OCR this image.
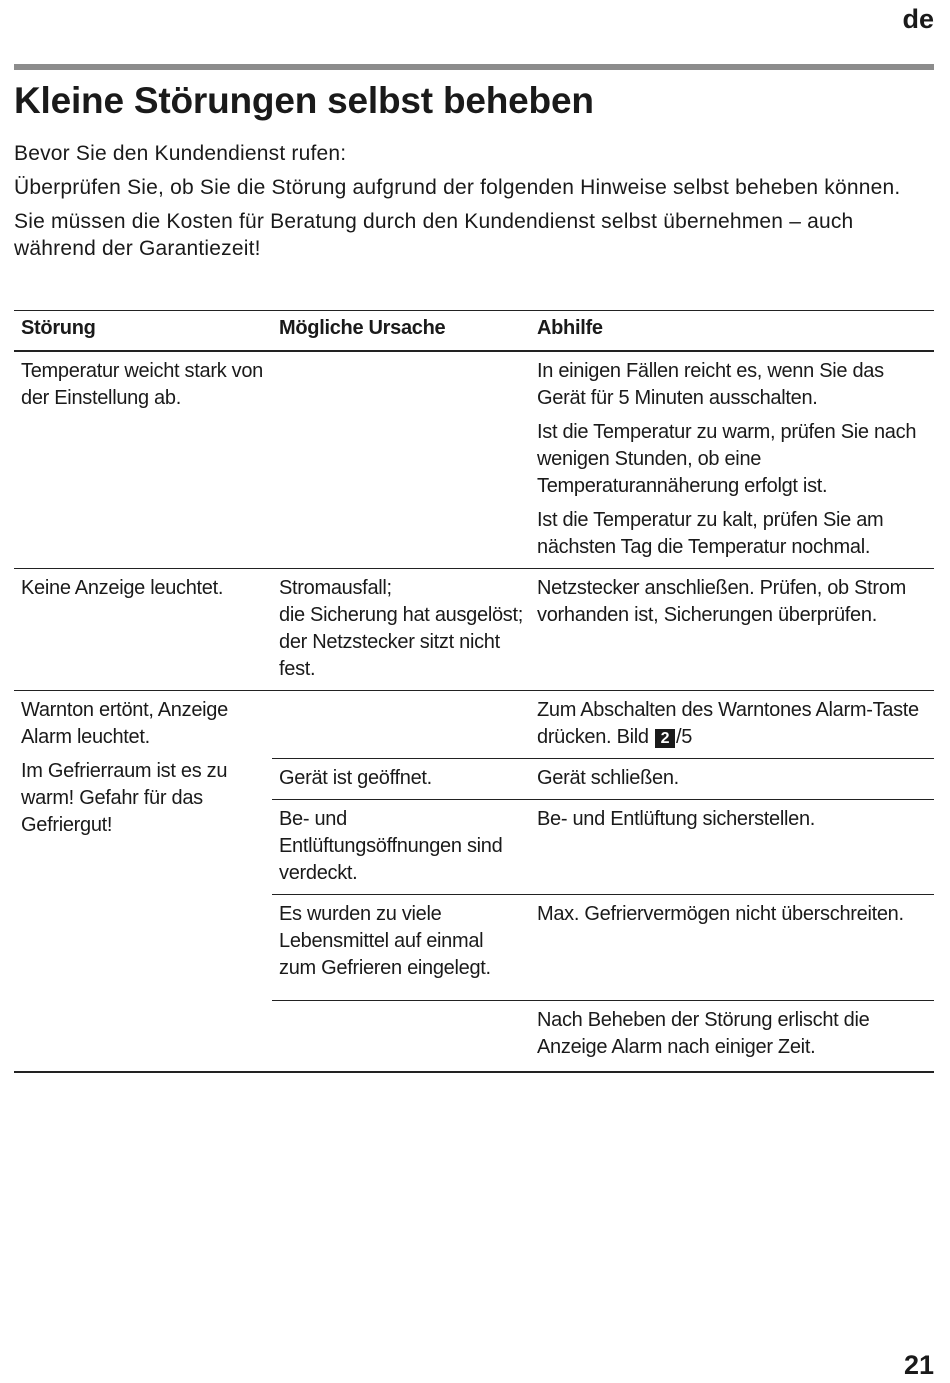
de
Kleine Störungen selbst beheben

Bevor Sie den Kundendienst rufen:

Überprüfen Sie, ob Sie die Störung aufgrund der folgenden Hinweise selbst beheben können.

Sie müssen die Kosten für Beratung durch den Kundendienst selbst übernehmen – auch während der Garantiezeit!

Störung	Mögliche Ursache	Abhilfe
Temperatur weicht stark von der Einstellung ab.		In einigen Fällen reicht es, wenn Sie das Gerät für 5 Minuten ausschalten.

Ist die Temperatur zu warm, prüfen Sie nach wenigen Stunden, ob eine Temperaturannäherung erfolgt ist.

Ist die Temperatur zu kalt, prüfen Sie am nächsten Tag die Temperatur nochmal.

Keine Anzeige leuchtet.	Stromausfall;
die Sicherung hat ausgelöst;
der Netzstecker sitzt nicht fest.	Netzstecker anschließen. Prüfen, ob Strom vorhanden ist, Sicherungen überprüfen.

Warnton ertönt, Anzeige Alarm leuchtet.

Im Gefrierraum ist es zu warm! Gefahr für das Gefriergut!		Zum Abschalten des Warntones Alarm-Taste drücken. Bild 2 /5
	Gerät ist geöffnet.	Gerät schließen.
	Be- und Entlüftungsöffnungen sind verdeckt.	Be- und Entlüftung sicherstellen.
	Es wurden zu viele Lebensmittel auf einmal zum Gefrieren eingelegt.	Max. Gefriervermögen nicht überschreiten.
		Nach Beheben der Störung erlischt die Anzeige Alarm nach einiger Zeit.
21
